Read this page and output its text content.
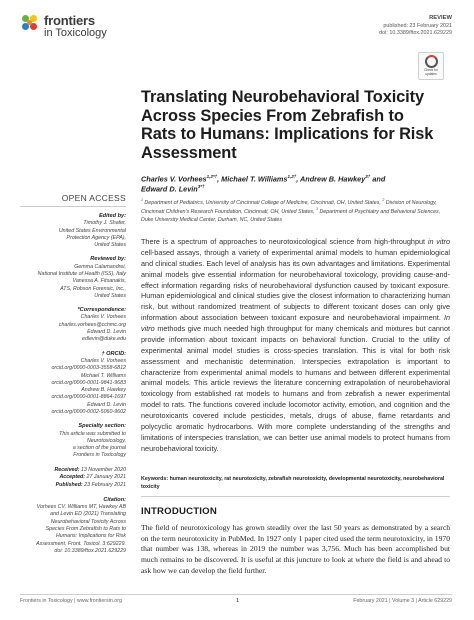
frontiers
in Toxicology
REVIEW
published: 23 February 2021
doi: 10.3389/ftox.2021.629229
Check for updates
Translating Neurobehavioral Toxicity Across Species From Zebrafish to Rats to Humans: Implications for Risk Assessment
Charles V. Vorhees$^{1,2*\dagger}$, Michael T. Williams$^{1,2\dagger}$, Andrew B. Hawkey$^{3\dagger}$ and
Edward D. Levin$^{3*\dagger}$
$^1$ Department of Pediatrics, University of Cincinnati College of Medicine, Cincinnati, OH, United States, $^2$ Division of Neurology, Cincinnati Children's Research Foundation, Cincinnati, OH, United States, $^3$ Department of Psychiatry and Behavioral Sciences, Duke University Medical Center, Durham, NC, United States
OPEN ACCESS
Edited by:
Timothy J. Shafer,
United States Environmental
Protection Agency (EPA),
United States
Reviewed by:
Gemma Calamandrei,
National Institute of Health (ISS), Italy
Vanessa A. Fitsanakis,
ATS, Robson Forensic, Inc.,
United States
*Correspondence:
Charles V. Vorhees
charles.vorhees@cchmc.org
Edward D. Levin
edlevin@duke.edu
† ORCID:
Charles V. Vorhees
orcid.org/0000-0003-3558-6812
Michael T. Williams
orcid.org/0000-0001-9841-9683
Andrew B. Hawkey
orcid.org/0000-0001-8864-1697
Edward D. Levin
orcid.org/0000-0002-5060-9602
Specialty section:
This article was submitted to
Neurotoxicology,
a section of the journal
Frontiers in Toxicology
Received: 13 November 2020
Accepted: 27 January 2021
Published: 23 February 2021
Citation:
Vorhees CV, Williams MT, Hawkey AB
and Levin ED (2021) Translating
Neurobehavioral Toxicity Across
Species From Zebrafish to Rats to
Humans: Implications for Risk
Assessment. Front. Toxicol. 3:629229.
doi: 10.3389/ftox.2021.629229
There is a spectrum of approaches to neurotoxicological science from high-throughput in vitro cell-based assays, through a variety of experimental animal models to human epidemiological and clinical studies. Each level of analysis has its own advantages and limitations. Experimental animal models give essential information for neurobehavioral toxicology, providing cause-and-effect information regarding risks of neurobehavioral dysfunction caused by toxicant exposure. Human epidemiological and clinical studies give the closest information to characterizing human risk, but without randomized treatment of subjects to different toxicant doses can only give information about association between toxicant exposure and neurobehavioral impairment. In vitro methods give much needed high throughput for many chemicals and mixtures but cannot provide information about toxicant impacts on behavioral function. Crucial to the utility of experimental animal model studies is cross-species translation. This is vital for both risk assessment and mechanistic determination. Interspecies extrapolation is important to characterize from experimental animal models to humans and between different experimental animal models. This article reviews the literature concerning extrapolation of neurobehavioral toxicology from established rat models to humans and from zebrafish a newer experimental model to rats. The functions covered include locomotor activity, emotion, and cognition and the neurotoxicants covered include pesticides, metals, drugs of abuse, flame retardants and polycyclic aromatic hydrocarbons. With more complete understanding of the strengths and limitations of interspecies translation, we can better use animal models to protect humans from neurobehavioral toxicity.
Keywords: human neurotoxicity, rat neurotoxicity, zebrafish neurotoxicity, developmental neurotoxicity, neurobehavioral toxicity
INTRODUCTION

The field of neurotoxicology has grown steadily over the last 50 years as demonstrated by a search on the term neurotoxicity in PubMed. In 1927 only 1 paper cited used the term neurotoxicity, in 1970 that number was 138, whereas in 2019 the number was 3,756. Much has been accomplished but much remains to be discovered. It is useful at this juncture to look at where the field is and ahead to ask how we can develop the field further.

Frontiers in Toxicology | www.frontiersin.org	1	February 2021 | Volume 3 | Article 629229
